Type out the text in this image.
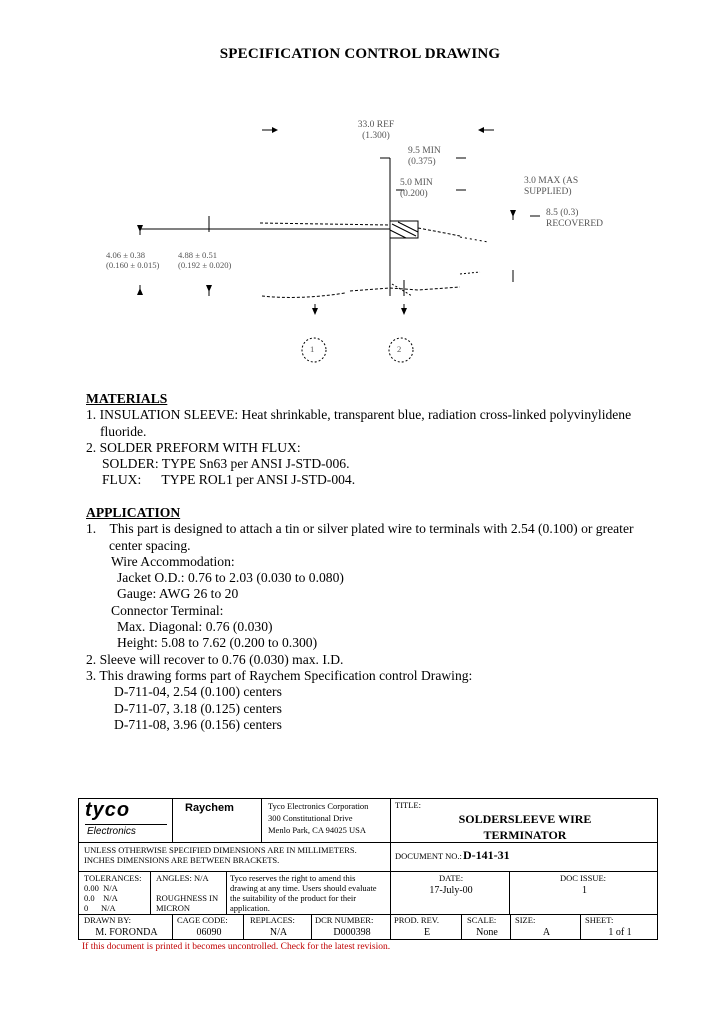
SPECIFICATION CONTROL DRAWING
33.0 REF
(1.300)
9.5 MIN
(0.375)
5.0 MIN
(0.200)
3.0 MAX (AS
SUPPLIED)
8.5 (0.3)
RECOVERED
4.06 ± 0.38
(0.160 ± 0.015)
4.88 ± 0.51
(0.192 ± 0.020)
1	2
MATERIALS
1. INSULATION SLEEVE: Heat shrinkable, transparent blue, radiation cross-linked polyvinylidene
fluoride.
2. SOLDER PREFORM WITH FLUX:
SOLDER: TYPE Sn63 per ANSI J-STD-006.
FLUX:      TYPE ROL1 per ANSI J-STD-004.
APPLICATION
1.    This part is designed to attach a tin or silver plated wire to terminals with 2.54 (0.100) or greater
center spacing.
Wire Accommodation:
Jacket O.D.: 0.76 to 2.03 (0.030 to 0.080)
Gauge: AWG 26 to 20
Connector Terminal:
Max. Diagonal: 0.76 (0.030)
Height: 5.08 to 7.62 (0.200 to 0.300)
2. Sleeve will recover to 0.76 (0.030) max. I.D.
3. This drawing forms part of Raychem Specification control Drawing:
D-711-04, 2.54 (0.100) centers
D-711-07, 3.18 (0.125) centers
D-711-08, 3.96 (0.156) centers
tyco
Electronics
Raychem	Tyco Electronics Corporation
300 Constitutional Drive
Menlo Park, CA 94025 USA
TITLE:
SOLDERSLEEVE WIRE
TERMINATOR
UNLESS OTHERWISE SPECIFIED DIMENSIONS ARE IN MILLIMETERS.
INCHES DIMENSIONS ARE BETWEEN BRACKETS.	DOCUMENT NO.: D-141-31
TOLERANCES:
0.00  N/A
0.0    N/A
0      N/A
ANGLES: N/A
ROUGHNESS IN
MICRON
Tyco reserves the right to amend this
drawing at any time. Users should evaluate
the suitability of the product for their
application.
DATE:
17-July-00
DOC ISSUE:
1
DRAWN BY:
M. FORONDA
CAGE CODE:
06090
REPLACES:
N/A
DCR NUMBER:
D000398
PROD. REV.
E
SCALE:
None
SIZE:
A
SHEET:
1 of 1
If this document is printed it becomes uncontrolled. Check for the latest revision.
